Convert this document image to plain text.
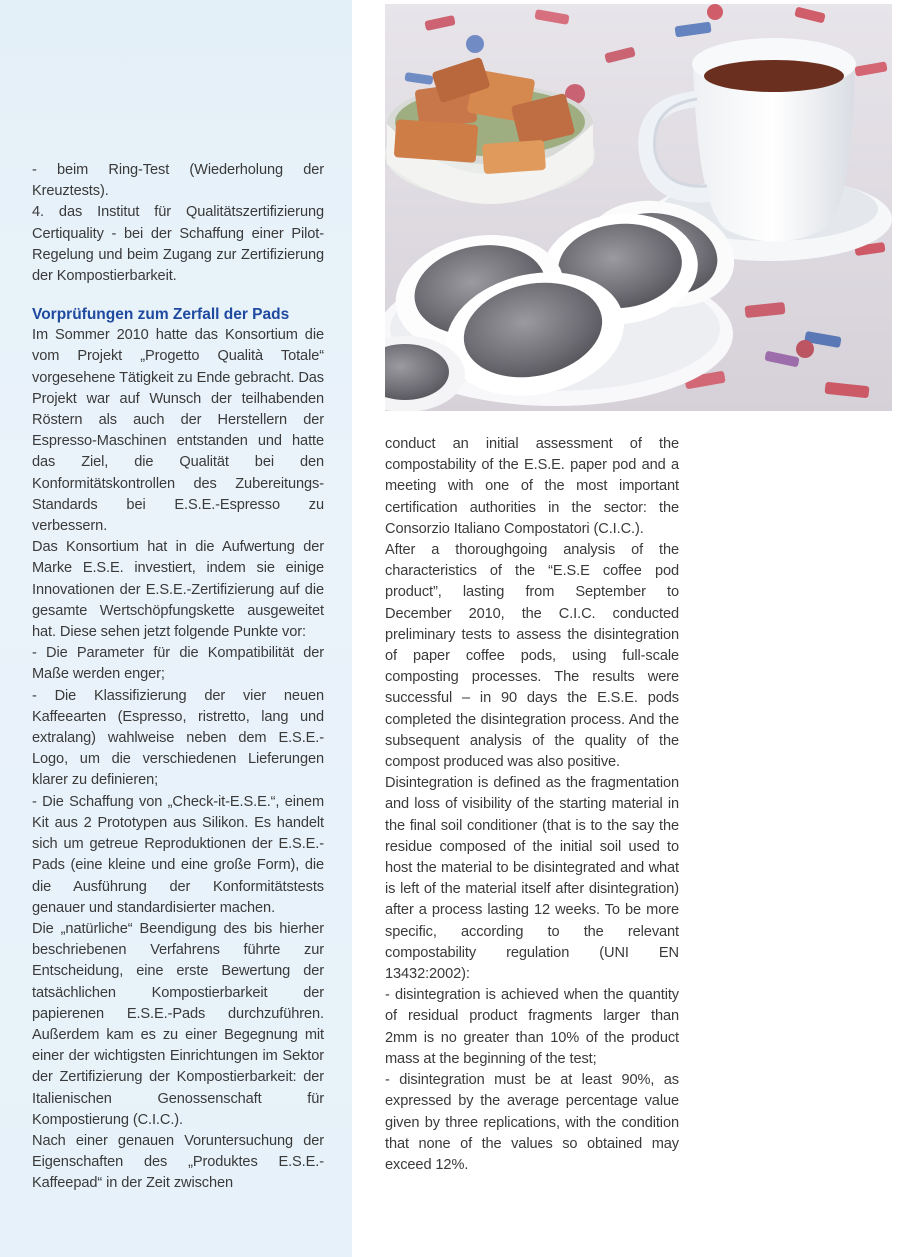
- beim Ring-Test (Wiederholung der Kreuztests).

4. das Institut für Qualitätszertifizierung Certiquality - bei der Schaffung einer Pilot-Regelung und beim Zugang zur Zertifizierung der Kompostierbarkeit.

Vorprüfungen zum Zerfall der Pads

Im Sommer 2010 hatte das Konsortium die vom Projekt „Progetto Qualità Totale“ vorgesehene Tätigkeit zu Ende gebracht. Das Projekt war auf Wunsch der teilhabenden Röstern als auch der Herstellern der Espresso-Maschinen entstanden und hatte das Ziel, die Qualität bei den Konformitätskontrollen des Zubereitungs-Standards bei E.S.E.-Espresso zu verbessern.

Das Konsortium hat in die Aufwertung der Marke E.S.E. investiert, indem sie einige Innovationen der E.S.E.-Zertifizierung auf die gesamte Wertschöpfungskette ausgeweitet hat. Diese sehen jetzt folgende Punkte vor:

- Die Parameter für die Kompatibilität der Maße werden enger;

- Die Klassifizierung der vier neuen Kaffeearten (Espresso, ristretto, lang und extralang) wahlweise neben dem E.S.E.-Logo, um die verschiedenen Lieferungen klarer zu definieren;

- Die Schaffung von „Check-it-E.S.E.“, einem Kit aus 2 Prototypen aus Silikon. Es handelt sich um getreue Reproduktionen der E.S.E.-Pads (eine kleine und eine große Form), die die Ausführung der Konformitätstests genauer und standardisierter machen.

Die „natürliche“ Beendigung des bis hierher beschriebenen Verfahrens führte zur Entscheidung, eine erste Bewertung der tatsächlichen Kompostierbarkeit der papierenen E.S.E.-Pads durchzuführen. Außerdem kam es zu einer Begegnung mit einer der wichtigsten Einrichtungen im Sektor der Zertifizierung der Kompostierbarkeit: der Italienischen Genossenschaft für Kompostierung (C.I.C.).

Nach einer genauen Voruntersuchung der Eigenschaften des „Produktes E.S.E.-Kaffeepad“ in der Zeit zwischen

conduct an initial assessment of the compostability of the E.S.E. paper pod and a meeting with one of the most important certification authorities in the sector: the Consorzio Italiano Compostatori (C.I.C.).

After a thoroughgoing analysis of the characteristics of the “E.S.E coffee pod product”, lasting from September to December 2010, the C.I.C. conducted preliminary tests to assess the disintegration of paper coffee pods, using full-scale composting processes. The results were successful – in 90 days the E.S.E. pods completed the disintegration process. And the subsequent analysis of the quality of the compost produced was also positive.

Disintegration is defined as the fragmentation and loss of visibility of the starting material in the final soil conditioner (that is to the say the residue composed of the initial soil used to host the material to be disintegrated and what is left of the material itself after disintegration) after a process lasting 12 weeks. To be more specific, according to the relevant compostability regulation (UNI EN 13432:2002):

- disintegration is achieved when the quantity of residual product fragments larger than 2mm is no greater than 10% of the product mass at the beginning of the test;

- disintegration must be at least 90%, as expressed by the average percentage value given by three replications, with the condition that none of the values so obtained may exceed 12%.
